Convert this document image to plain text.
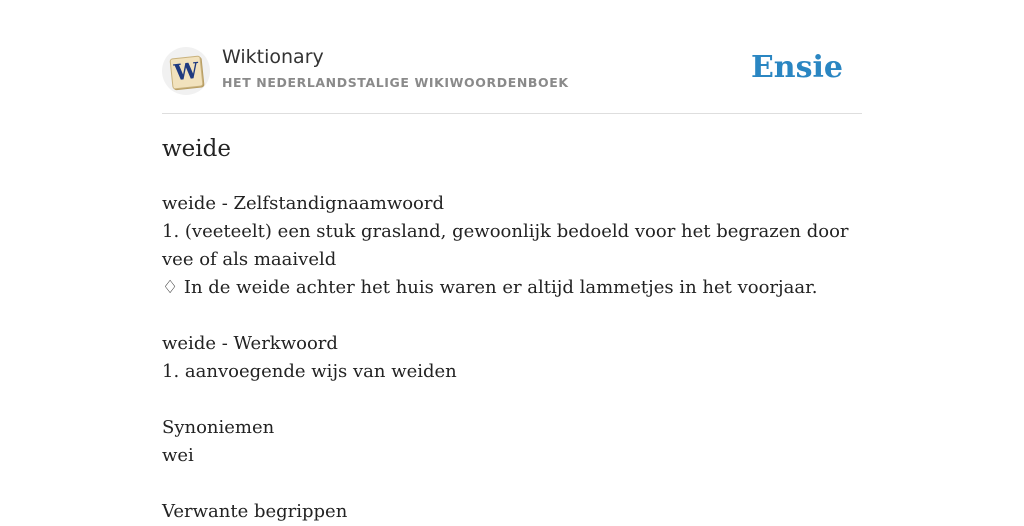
W
Wiktionary
HET NEDERLANDSTALIGE WIKIWOORDENBOEK	Ensie
weide
weide - Zelfstandignaamwoord
1. (veeteelt) een stuk grasland, gewoonlijk bedoeld voor het begrazen door vee of als maaiveld
♢ In de weide achter het huis waren er altijd lammetjes in het voorjaar.
weide - Werkwoord
1. aanvoegende wijs van weiden
Synoniemen
wei
Verwante begrippen
